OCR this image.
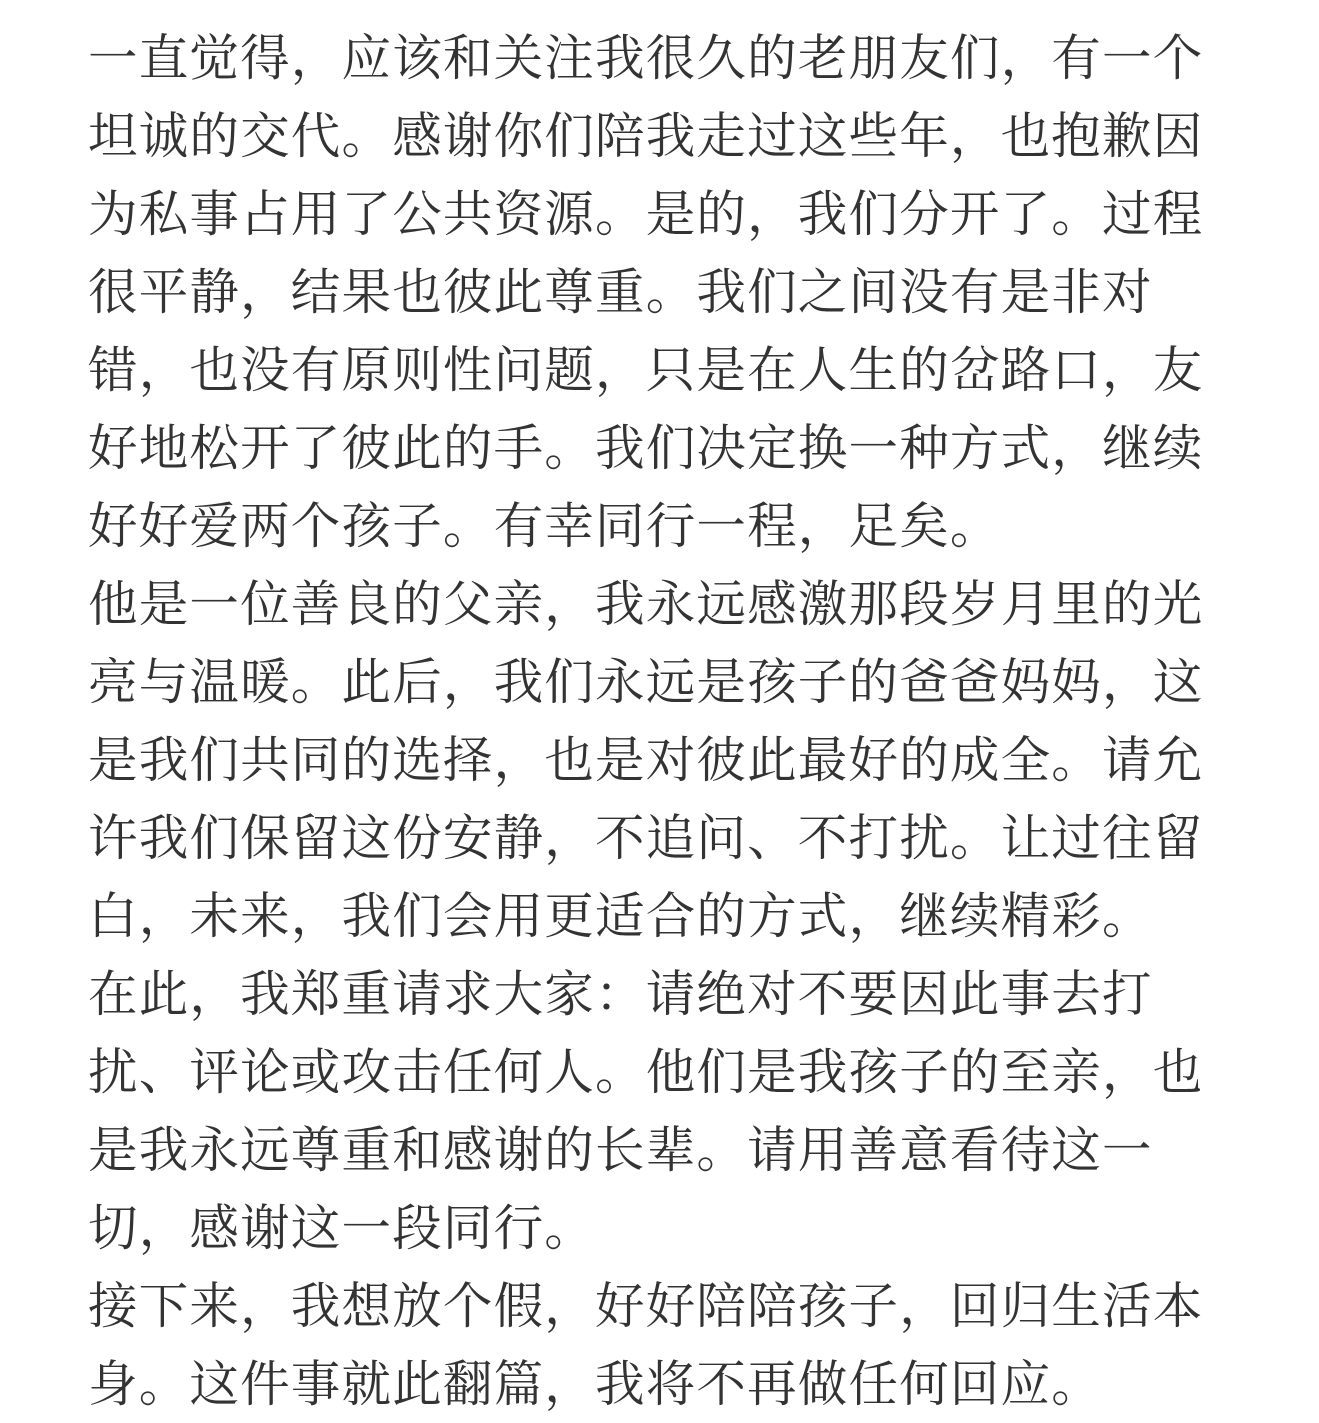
一直觉得，应该和关注我很久的老朋友们，有一个
坦诚的交代。感谢你们陪我走过这些年，也抱歉因
为私事占用了公共资源。是的，我们分开了。过程
很平静，结果也彼此尊重。我们之间没有是非对
错，也没有原则性问题，只是在人生的岔路口，友
好地松开了彼此的手。我们决定换一种方式，继续
好好爱两个孩子。有幸同行一程，足矣。
他是一位善良的父亲，我永远感激那段岁月里的光
亮与温暖。此后，我们永远是孩子的爸爸妈妈，这
是我们共同的选择，也是对彼此最好的成全。请允
许我们保留这份安静，不追问、不打扰。让过往留
白，未来，我们会用更适合的方式，继续精彩。
在此，我郑重请求大家：请绝对不要因此事去打
扰、评论或攻击任何人。他们是我孩子的至亲，也
是我永远尊重和感谢的长辈。请用善意看待这一
切，感谢这一段同行。
接下来，我想放个假，好好陪陪孩子，回归生活本
身。这件事就此翻篇，我将不再做任何回应。
